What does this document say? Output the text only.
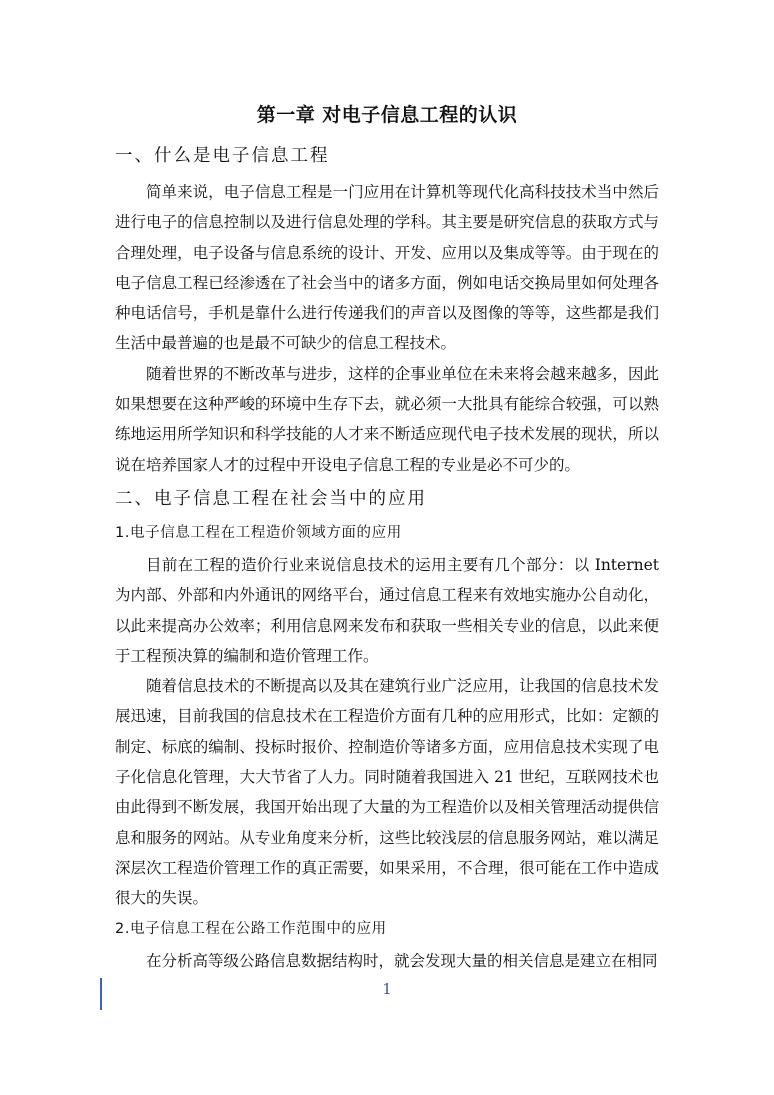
第一章 对电子信息工程的认识
一、什么是电子信息工程

简单来说，电子信息工程是一门应用在计算机等现代化高科技技术当中然后进行电子的信息控制以及进行信息处理的学科。其主要是研究信息的获取方式与合理处理，电子设备与信息系统的设计、开发、应用以及集成等等。由于现在的电子信息工程已经渗透在了社会当中的诸多方面，例如电话交换局里如何处理各种电话信号，手机是靠什么进行传递我们的声音以及图像的等等，这些都是我们生活中最普遍的也是最不可缺少的信息工程技术。

随着世界的不断改革与进步，这样的企事业单位在未来将会越来越多，因此如果想要在这种严峻的环境中生存下去，就必须一大批具有能综合较强，可以熟练地运用所学知识和科学技能的人才来不断适应现代电子技术发展的现状，所以说在培养国家人才的过程中开设电子信息工程的专业是必不可少的。

二、电子信息工程在社会当中的应用
1.电子信息工程在工程造价领域方面的应用

目前在工程的造价行业来说信息技术的运用主要有几个部分：以 Internet 为内部、外部和内外通讯的网络平台，通过信息工程来有效地实施办公自动化，以此来提高办公效率；利用信息网来发布和获取一些相关专业的信息，以此来便于工程预决算的编制和造价管理工作。

随着信息技术的不断提高以及其在建筑行业广泛应用，让我国的信息技术发展迅速，目前我国的信息技术在工程造价方面有几种的应用形式，比如：定额的制定、标底的编制、投标时报价、控制造价等诸多方面，应用信息技术实现了电子化信息化管理，大大节省了人力。同时随着我国进入 21 世纪，互联网技术也由此得到不断发展，我国开始出现了大量的为工程造价以及相关管理活动提供信息和服务的网站。从专业角度来分析，这些比较浅层的信息服务网站，难以满足深层次工程造价管理工作的真正需要，如果采用，不合理，很可能在工作中造成很大的失误。

2.电子信息工程在公路工作范围中的应用

在分析高等级公路信息数据结构时，就会发现大量的相关信息是建立在相同

1
